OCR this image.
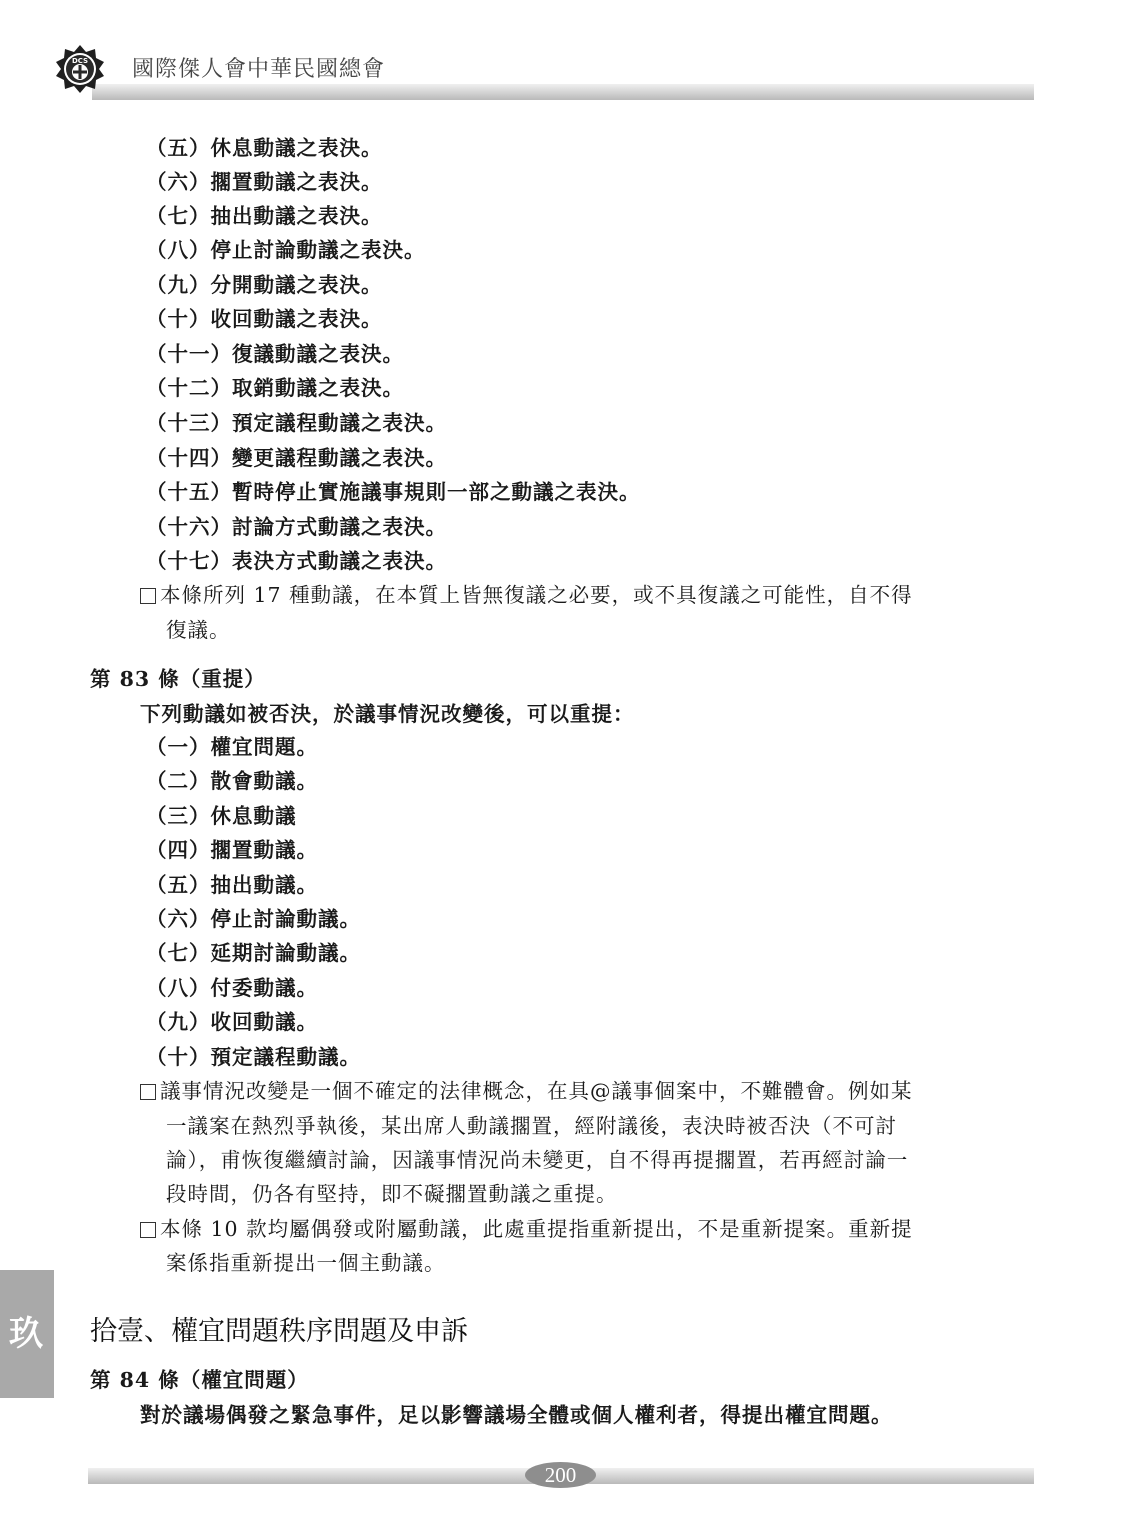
DCS 國際傑人會中華民國總會
（五）休息動議之表決。
（六）擱置動議之表決。
（七）抽出動議之表決。
（八）停止討論動議之表決。
（九）分開動議之表決。
（十）收回動議之表決。
（十一）復議動議之表決。
（十二）取銷動議之表決。
（十三）預定議程動議之表決。
（十四）變更議程動議之表決。
（十五）暫時停止實施議事規則一部之動議之表決。
（十六）討論方式動議之表決。
（十七）表決方式動議之表決。
本條所列 17 種動議，在本質上皆無復議之必要，或不具復議之可能性，自不得
復議。
第 83 條（重提）
下列動議如被否決，於議事情況改變後，可以重提：
（一）權宜問題。
（二）散會動議。
（三）休息動議
（四）擱置動議。
（五）抽出動議。
（六）停止討論動議。
（七）延期討論動議。
（八）付委動議。
（九）收回動議。
（十）預定議程動議。
議事情況改變是一個不確定的法律概念，在具@議事個案中，不難體會。例如某
一議案在熱烈爭執後，某出席人動議擱置，經附議後，表決時被否決（不可討
論），甫恢復繼續討論，因議事情況尚未變更，自不得再提擱置，若再經討論一
段時間，仍各有堅持，即不礙擱置動議之重提。
本條 10 款均屬偶發或附屬動議，此處重提指重新提出，不是重新提案。重新提
案係指重新提出一個主動議。
第 84 條（權宜問題）
對於議場偶發之緊急事件，足以影響議場全體或個人權利者，得提出權宜問題。
拾壹、權宜問題秩序問題及申訴
玖
200
